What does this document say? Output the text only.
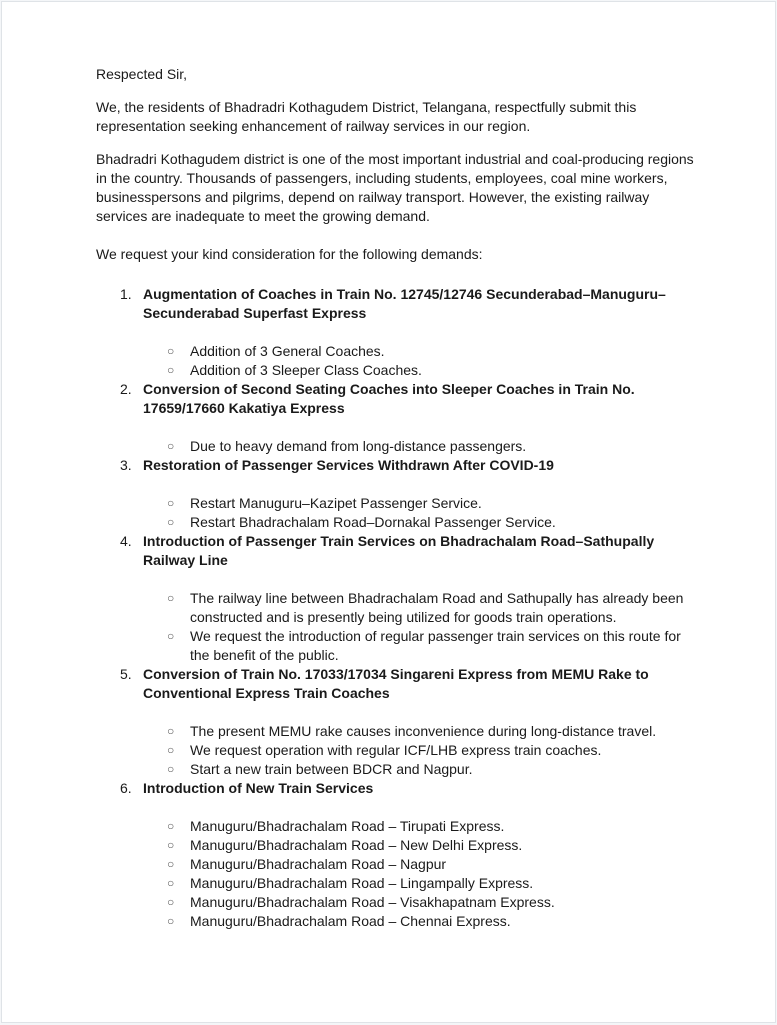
Respected Sir,

We, the residents of Bhadradri Kothagudem District, Telangana, respectfully submit this representation seeking enhancement of railway services in our region.

Bhadradri Kothagudem district is one of the most important industrial and coal-producing regions in the country. Thousands of passengers, including students, employees, coal mine workers, businesspersons and pilgrims, depend on railway transport. However, the existing railway services are inadequate to meet the growing demand.

We request your kind consideration for the following demands:

1. Augmentation of Coaches in Train No. 12745/12746 Secunderabad–Manuguru–Secunderabad Superfast Express

○ Addition of 3 General Coaches.
○ Addition of 3 Sleeper Class Coaches.
2. Conversion of Second Seating Coaches into Sleeper Coaches in Train No. 17659/17660 Kakatiya Express

○ Due to heavy demand from long-distance passengers.
3. Restoration of Passenger Services Withdrawn After COVID-19

○ Restart Manuguru–Kazipet Passenger Service.
○ Restart Bhadrachalam Road–Dornakal Passenger Service.
4. Introduction of Passenger Train Services on Bhadrachalam Road–Sathupally Railway Line

○ The railway line between Bhadrachalam Road and Sathupally has already been constructed and is presently being utilized for goods train operations.
○ We request the introduction of regular passenger train services on this route for the benefit of the public.
5. Conversion of Train No. 17033/17034 Singareni Express from MEMU Rake to Conventional Express Train Coaches

○ The present MEMU rake causes inconvenience during long-distance travel.
○ We request operation with regular ICF/LHB express train coaches.
○ Start a new train between BDCR and Nagpur.
6. Introduction of New Train Services

○ Manuguru/Bhadrachalam Road – Tirupati Express.
○ Manuguru/Bhadrachalam Road – New Delhi Express.
○ Manuguru/Bhadrachalam Road – Nagpur
○ Manuguru/Bhadrachalam Road – Lingampally Express.
○ Manuguru/Bhadrachalam Road – Visakhapatnam Express.
○ Manuguru/Bhadrachalam Road – Chennai Express.
